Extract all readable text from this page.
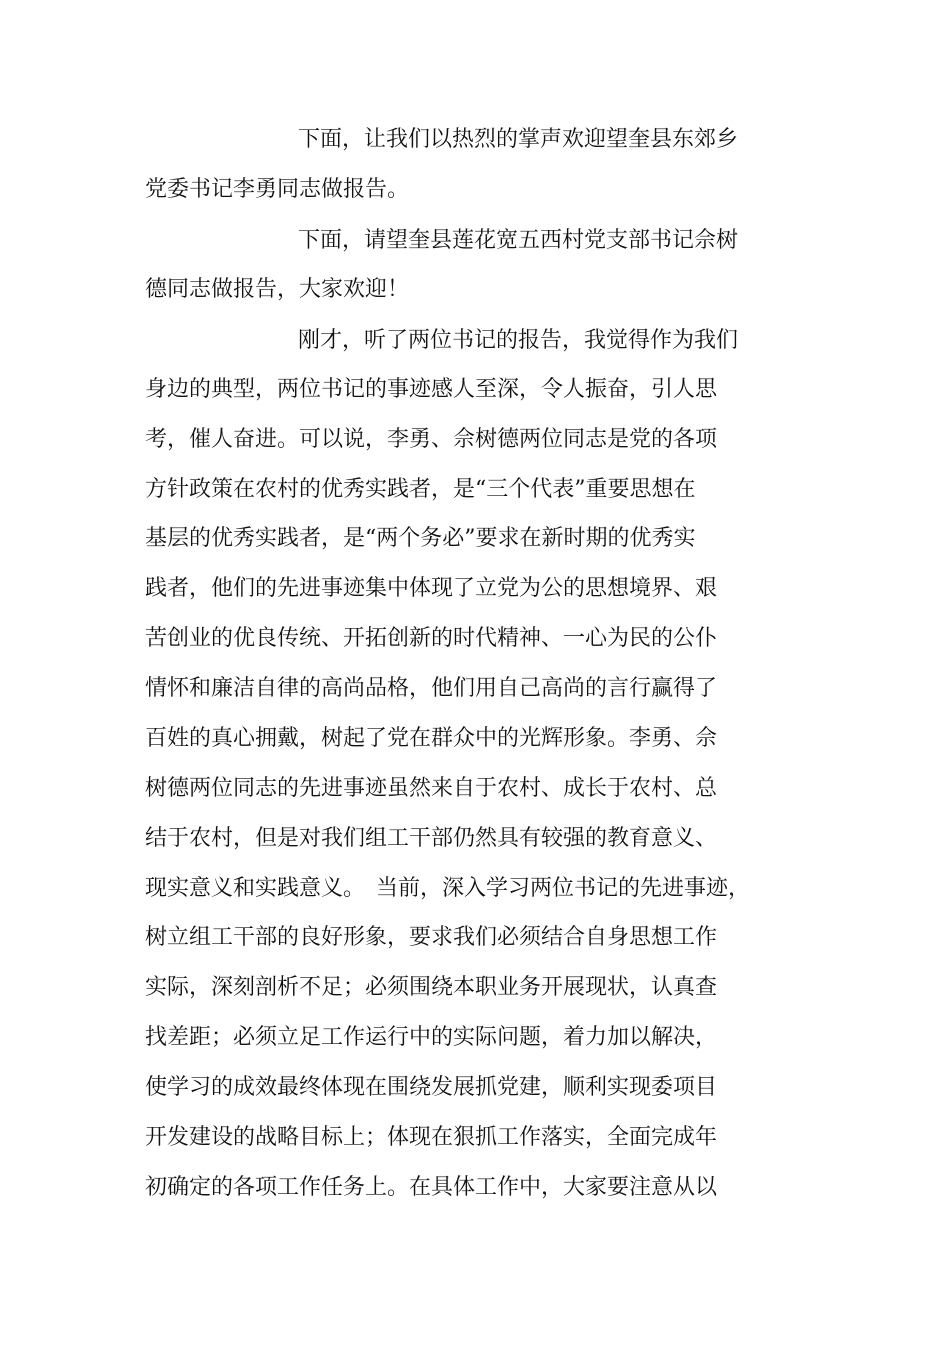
下面，让我们以热烈的掌声欢迎望奎县东郊乡
党委书记李勇同志做报告。
下面，请望奎县莲花宽五西村党支部书记佘树
德同志做报告，大家欢迎！
刚才，听了两位书记的报告，我觉得作为我们
身边的典型，两位书记的事迹感人至深，令人振奋，引人思
考，催人奋进。可以说，李勇、佘树德两位同志是党的各项
方针政策在农村的优秀实践者，是“三个代表”重要思想在
基层的优秀实践者，是“两个务必”要求在新时期的优秀实
践者，他们的先进事迹集中体现了立党为公的思想境界、艰
苦创业的优良传统、开拓创新的时代精神、一心为民的公仆
情怀和廉洁自律的高尚品格，他们用自己高尚的言行赢得了
百姓的真心拥戴，树起了党在群众中的光辉形象。李勇、佘
树德两位同志的先进事迹虽然来自于农村、成长于农村、总
结于农村，但是对我们组工干部仍然具有较强的教育意义、
现实意义和实践意义。　当前，深入学习两位书记的先进事迹，
树立组工干部的良好形象，要求我们必须结合自身思想工作
实际，深刻剖析不足；必须围绕本职业务开展现状，认真查
找差距；必须立足工作运行中的实际问题，着力加以解决，
使学习的成效最终体现在围绕发展抓党建，顺利实现委项目
开发建设的战略目标上；体现在狠抓工作落实，全面完成年
初确定的各项工作任务上。在具体工作中，大家要注意从以
